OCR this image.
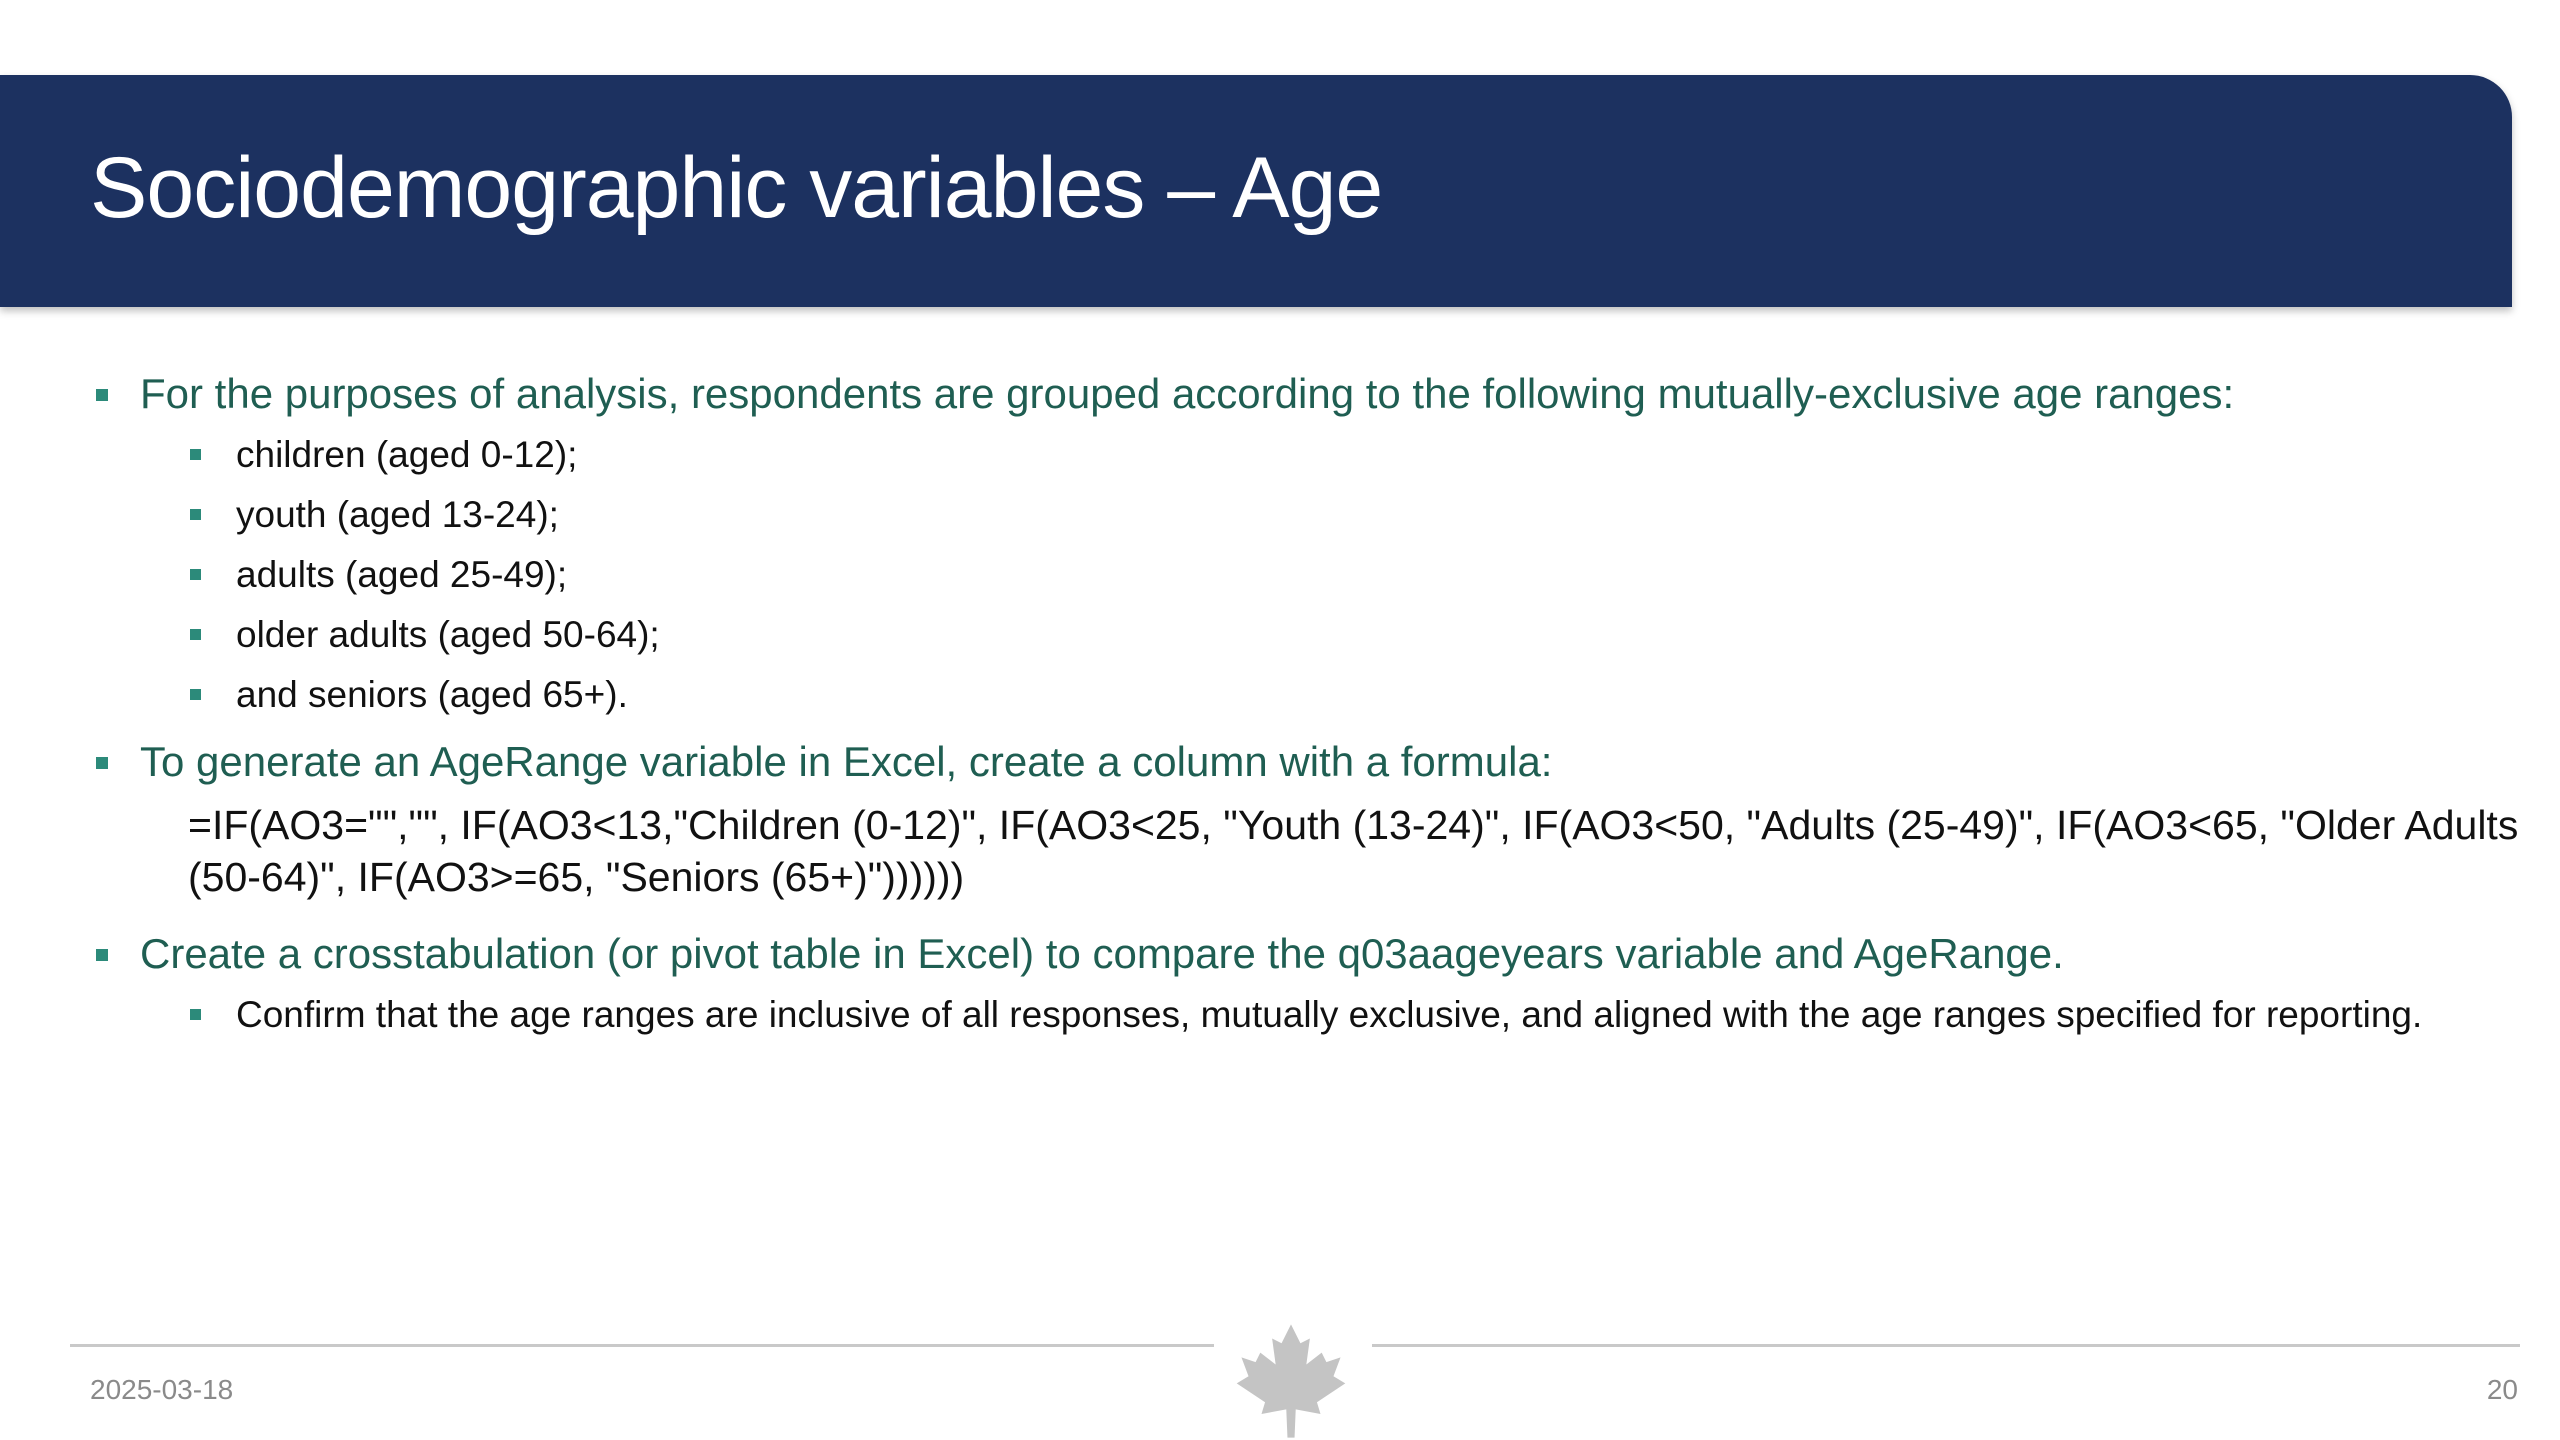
Sociodemographic variables – Age

For the purposes of analysis, respondents are grouped according to the following mutually-exclusive age ranges:

children (aged 0-12);

youth (aged 13-24);

adults (aged 25-49);

older adults (aged 50-64);

and seniors (aged 65+).

To generate an AgeRange variable in Excel, create a column with a formula:

=IF(AO3="","", IF(AO3<13,"Children (0-12)", IF(AO3<25, "Youth (13-24)", IF(AO3<50, "Adults (25-49)", IF(AO3<65, "Older Adults (50-64)", IF(AO3>=65, "Seniors (65+)"))))))

Create a crosstabulation (or pivot table in Excel) to compare the q03aageyears variable and AgeRange.

Confirm that the age ranges are inclusive of all responses, mutually exclusive, and aligned with the age ranges specified for reporting.

2025-03-18	20
